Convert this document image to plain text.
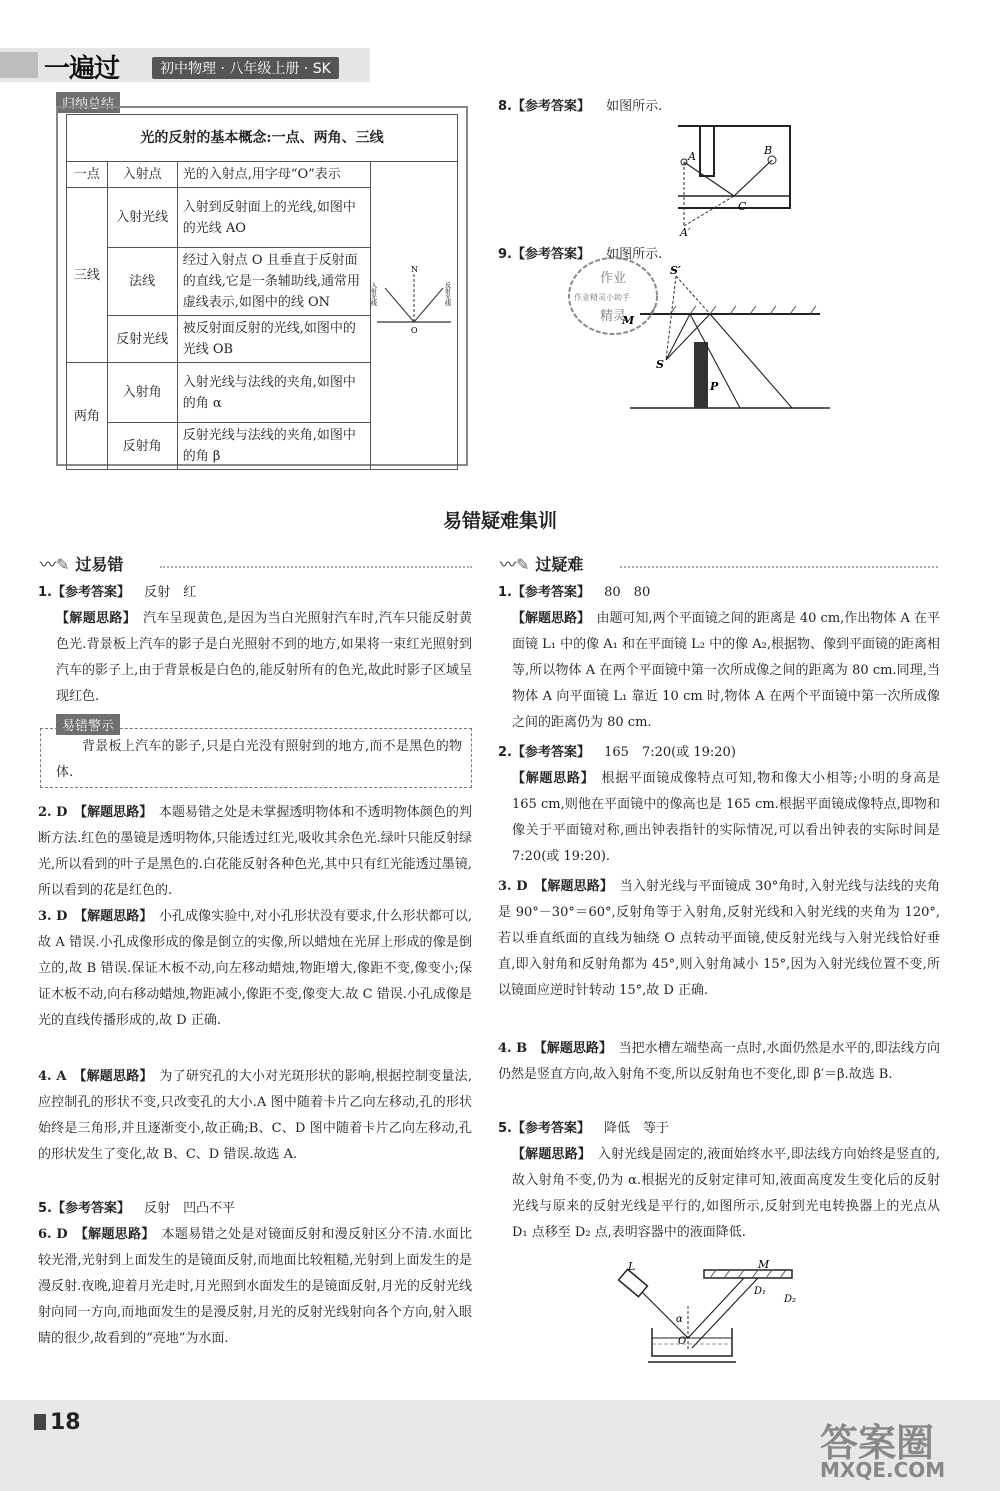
一遍过	初中物理 · 八年级上册 · SK
归纳总结
光的反射的基本概念:一点、两角、三线			
一点	入射点	光的入射点,用字母“O”表示	入射光线
N
反射光线
O

三线	入射光线	入射到反射面上的光线,如图中的光线 AO	
	法线	经过入射点 O 且垂直于反射面的直线,它是一条辅助线,通常用虚线表示,如图中的线 ON	
	反射光线	被反射面反射的光线,如图中的光线 OB	
两角	入射角	入射光线与法线的夹角,如图中的角 α	
	反射角	反射光线与法线的夹角,如图中的角 β	
8.【参考答案】 如图所示.
A	B
C
A′
9.【参考答案】 如图所示.
S′
M
S
P
作业
作业精灵小助手
精灵
易错疑难集训
〰✎ 过易错
1.【参考答案】 反射　红
【解题思路】　 汽车呈现黄色,是因为当白光照射汽车时,汽车只能反射黄色光.背景板上汽车的影子是白光照射不到的地方,如果将一束红光照射到汽车的影子上,由于背景板是白色的,能反射所有的色光,故此时影子区域呈现红色.
易错警示
背景板上汽车的影子,只是白光没有照射到的地方,而不是黑色的物体.
2. D　 【解题思路】　 本题易错之处是未掌握透明物体和不透明物体颜色的判断方法.红色的墨镜是透明物体,只能透过红光,吸收其余色光.绿叶只能反射绿光,所以看到的叶子是黑色的.白花能反射各种色光,其中只有红光能透过墨镜,所以看到的花是红色的.
3. D　 【解题思路】　 小孔成像实验中,对小孔形状没有要求,什么形状都可以,故 A 错误.小孔成像形成的像是倒立的实像,所以蜡烛在光屏上形成的像是倒立的,故 B 错误.保证木板不动,向左移动蜡烛,物距增大,像距不变,像变小;保证木板不动,向右移动蜡烛,物距减小,像距不变,像变大.故 C 错误.小孔成像是光的直线传播形成的,故 D 正确.
4. A　 【解题思路】　 为了研究孔的大小对光斑形状的影响,根据控制变量法,应控制孔的形状不变,只改变孔的大小.A 图中随着卡片乙向左移动,孔的形状始终是三角形,并且逐渐变小,故正确;B、C、D 图中随着卡片乙向左移动,孔的形状发生了变化,故 B、C、D 错误.故选 A.
5.【参考答案】 反射　凹凸不平
6. D　 【解题思路】　 本题易错之处是对镜面反射和漫反射区分不清.水面比较光滑,光射到上面发生的是镜面反射,而地面比较粗糙,光射到上面发生的是漫反射.夜晚,迎着月光走时,月光照到水面发生的是镜面反射,月光的反射光线射向同一方向,而地面发生的是漫反射,月光的反射光线射向各个方向,射入眼睛的很少,故看到的“亮地”为水面.
〰✎ 过疑难
1.【参考答案】 80　80
【解题思路】　 由题可知,两个平面镜之间的距离是 40 cm,作出物体 A 在平面镜 L₁ 中的像 A₁ 和在平面镜 L₂ 中的像 A₂,根据物、像到平面镜的距离相等,所以物体 A 在两个平面镜中第一次所成像之间的距离为 80 cm.同理,当物体 A 向平面镜 L₁ 靠近 10 cm 时,物体 A 在两个平面镜中第一次所成像之间的距离仍为 80 cm.
2.【参考答案】 165　7:20(或 19:20)
【解题思路】　 根据平面镜成像特点可知,物和像大小相等;小明的身高是 165 cm,则他在平面镜中的像高也是 165 cm.根据平面镜成像特点,即物和像关于平面镜对称,画出钟表指针的实际情况,可以看出钟表的实际时间是 7:20(或 19:20).
3. D　 【解题思路】　 当入射光线与平面镜成 30°角时,入射光线与法线的夹角是 90°－30°＝60°,反射角等于入射角,反射光线和入射光线的夹角为 120°,若以垂直纸面的直线为轴绕 O 点转动平面镜,使反射光线与入射光线恰好垂直,即入射角和反射角都为 45°,则入射角减小 15°,因为入射光线位置不变,所以镜面应逆时针转动 15°,故 D 正确.
4. B　 【解题思路】　 当把水槽左端垫高一点时,水面仍然是水平的,即法线方向仍然是竖直方向,故入射角不变,所以反射角也不变化,即 β′＝β.故选 B.
5.【参考答案】 降低　等于
【解题思路】　 入射光线是固定的,液面始终水平,即法线方向始终是竖直的,故入射角不变,仍为 α.根据光的反射定律可知,液面高度发生变化后的反射光线与原来的反射光线是平行的,如图所示,反射到光电转换器上的光点从 D₁ 点移至 D₂ 点,表明容器中的液面降低.
L	M
D₁
D₂
α
O
18	答案圈
MXQE.COM
